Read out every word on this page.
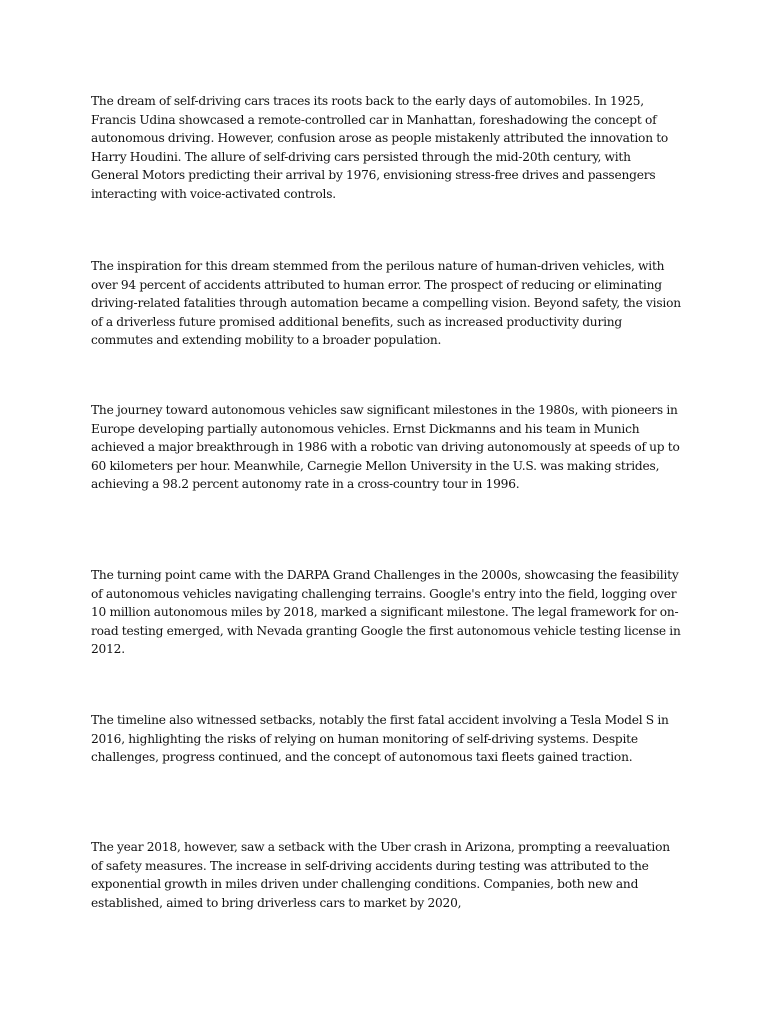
The dream of self-driving cars traces its roots back to the early days of automobiles. In 1925, Francis Udina showcased a remote-controlled car in Manhattan, foreshadowing the concept of autonomous driving. However, confusion arose as people mistakenly attributed the innovation to Harry Houdini. The allure of self-driving cars persisted through the mid-20th century, with General Motors predicting their arrival by 1976, envisioning stress-free drives and passengers interacting with voice-activated controls.

The inspiration for this dream stemmed from the perilous nature of human-driven vehicles, with over 94 percent of accidents attributed to human error. The prospect of reducing or eliminating driving-related fatalities through automation became a compelling vision. Beyond safety, the vision of a driverless future promised additional benefits, such as increased productivity during commutes and extending mobility to a broader population.

The journey toward autonomous vehicles saw significant milestones in the 1980s, with pioneers in Europe developing partially autonomous vehicles. Ernst Dickmanns and his team in Munich achieved a major breakthrough in 1986 with a robotic van driving autonomously at speeds of up to 60 kilometers per hour. Meanwhile, Carnegie Mellon University in the U.S. was making strides, achieving a 98.2 percent autonomy rate in a cross-country tour in 1996.

The turning point came with the DARPA Grand Challenges in the 2000s, showcasing the feasibility of autonomous vehicles navigating challenging terrains. Google's entry into the field, logging over 10 million autonomous miles by 2018, marked a significant milestone. The legal framework for on-road testing emerged, with Nevada granting Google the first autonomous vehicle testing license in 2012.

The timeline also witnessed setbacks, notably the first fatal accident involving a Tesla Model S in 2016, highlighting the risks of relying on human monitoring of self-driving systems. Despite challenges, progress continued, and the concept of autonomous taxi fleets gained traction.

The year 2018, however, saw a setback with the Uber crash in Arizona, prompting a reevaluation of safety measures. The increase in self-driving accidents during testing was attributed to the exponential growth in miles driven under challenging conditions. Companies, both new and established, aimed to bring driverless cars to market by 2020,
